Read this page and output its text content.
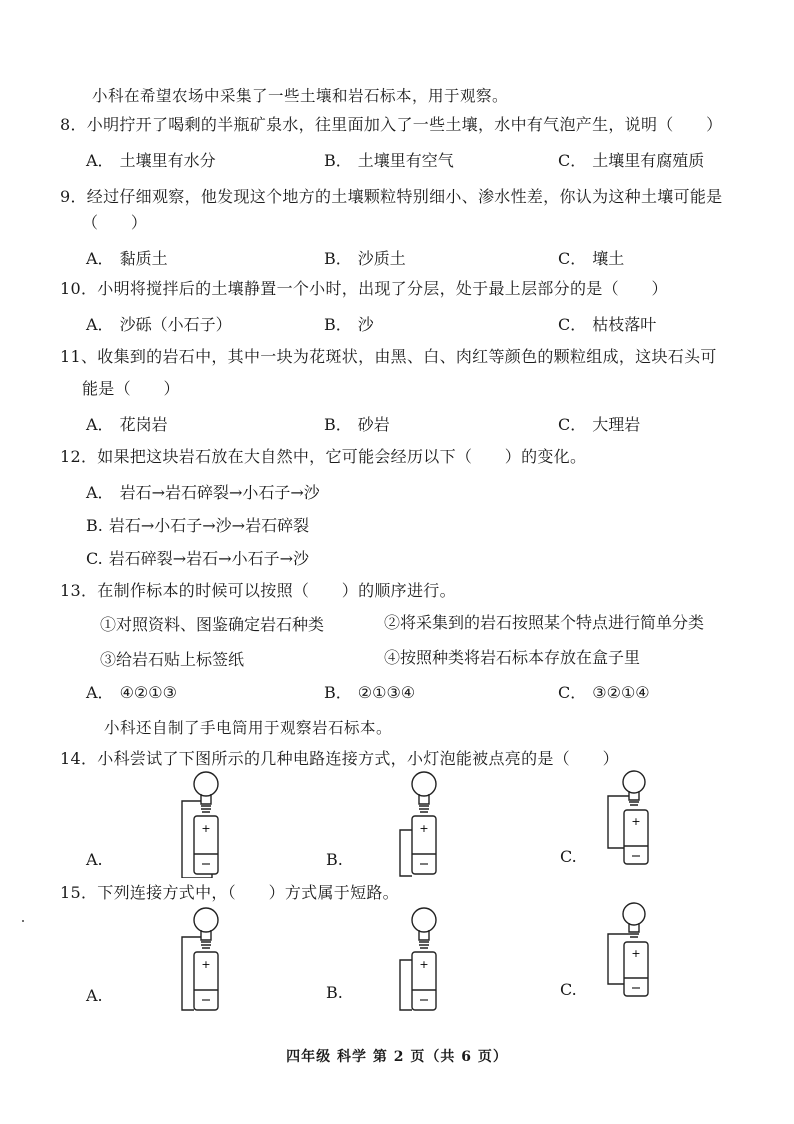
小科在希望农场中采集了一些土壤和岩石标本，用于观察。
8．小明拧开了喝剩的半瓶矿泉水，往里面加入了一些土壤，水中有气泡产生，说明（　　）
A． 土壤里有水分	B． 土壤里有空气	C． 土壤里有腐殖质
9．经过仔细观察，他发现这个地方的土壤颗粒特别细小、渗水性差，你认为这种土壤可能是
（　　）
A． 黏质土	B． 沙质土	C． 壤土
10．小明将搅拌后的土壤静置一个小时，出现了分层，处于最上层部分的是（　　）
A． 沙砾（小石子）	B． 沙	C． 枯枝落叶
11、收集到的岩石中，其中一块为花斑状，由黑、白、肉红等颜色的颗粒组成，这块石头可
能是（　　）
A． 花岗岩	B． 砂岩	C． 大理岩
12．如果把这块岩石放在大自然中，它可能会经历以下（　　）的变化。
A． 岩石→岩石碎裂→小石子→沙
B. 岩石→小石子→沙→岩石碎裂
C. 岩石碎裂→岩石→小石子→沙
13．在制作标本的时候可以按照（　　）的顺序进行。
①对照资料、图鉴确定岩石种类	②将采集到的岩石按照某个特点进行简单分类
③给岩石贴上标签纸	④按照种类将岩石标本存放在盒子里
A． ④②①③	B． ②①③④	C． ③②①④
小科还自制了手电筒用于观察岩石标本。
14．小科尝试了下图所示的几种电路连接方式，小灯泡能被点亮的是（　　）
A.	B.	C.
+	+
+
15．下列连接方式中，（　　）方式属于短路。
A.	B.	C.
+	+
+
四年级 科学 第 2 页（共 6 页）
